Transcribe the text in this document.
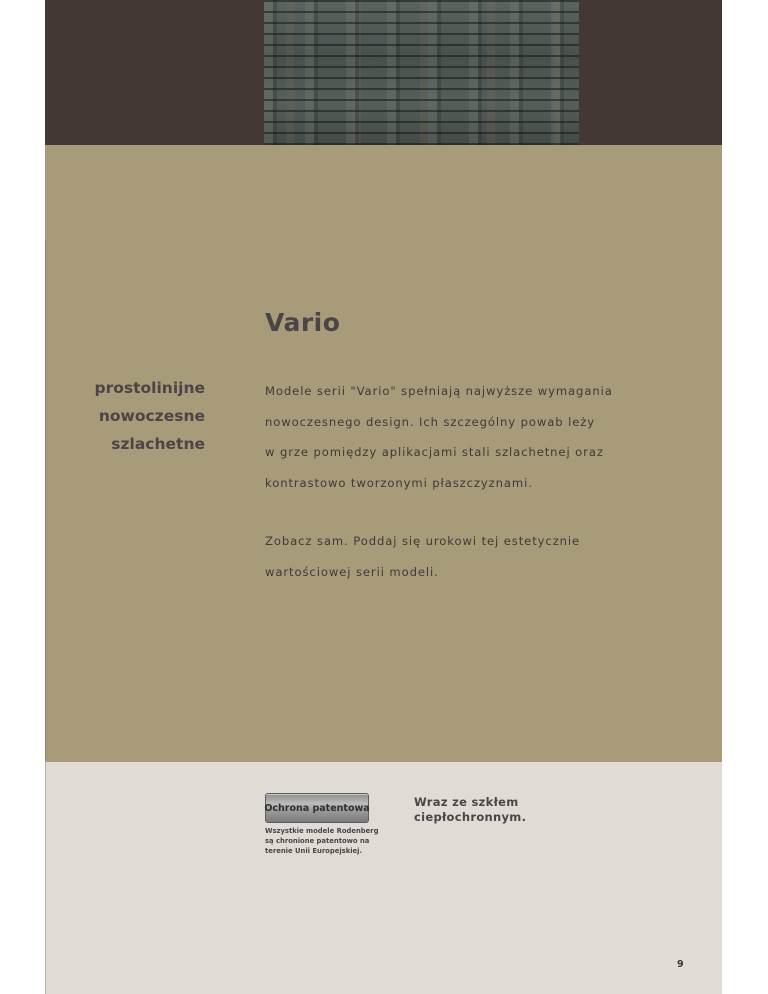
Vario
prostolinijne
nowoczesne
szlachetne

Modele serii "Vario" spełniają najwyższe wymagania
nowoczesnego design. Ich szczególny powab leży
w grze pomiędzy aplikacjami stali szlachetnej oraz
kontrastowo tworzonymi płaszczyznami.

Zobacz sam. Poddaj się urokowi tej estetycznie
wartościowej serii modeli.

Ochrona patentowa
Wszystkie modele Rodenberg
są chronione patentowo na
terenie Unii Europejskiej.
Wraz ze szkłem
ciepłochronnym.
9
